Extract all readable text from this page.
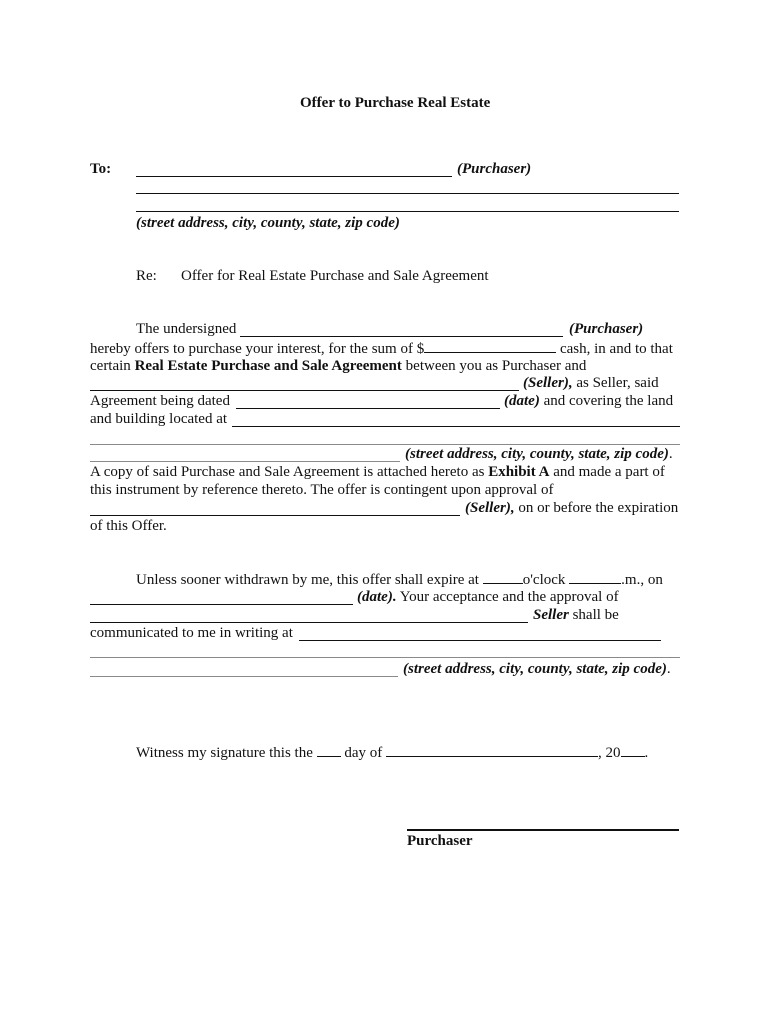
Offer to Purchase Real Estate
To:	(Purchaser)
(street address, city, county, state, zip code)
Re: Offer for Real Estate Purchase and Sale Agreement
The undersigned	(Purchaser)
hereby offers to purchase your interest, for the sum of $	cash, in and to that
certain Real Estate Purchase and Sale Agreement between you as Purchaser and
(Seller), as Seller, said
Agreement being dated	(date) and covering the land
and building located at
(street address, city, county, state, zip code).
A copy of said Purchase and Sale Agreement is attached hereto as Exhibit A and made a part of
this instrument by reference thereto. The offer is contingent upon approval of
(Seller), on or before the expiration
of this Offer.
Unless sooner withdrawn by me, this offer shall expire at	o'clock	.m., on
(date). Your acceptance and the approval of
Seller shall be
communicated to me in writing at
(street address, city, county, state, zip code).
Witness my signature this the day of	, 20 .
Purchaser
